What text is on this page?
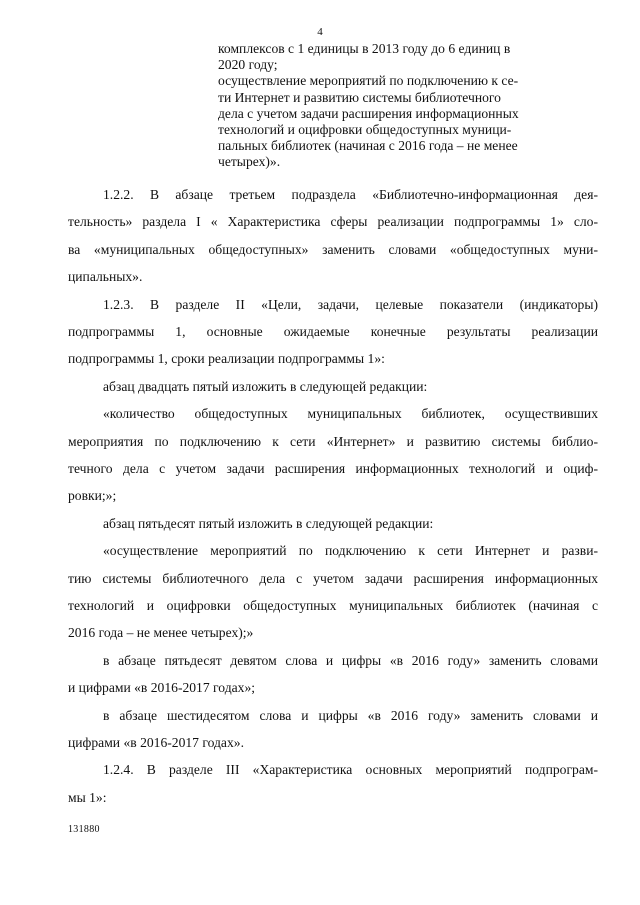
4
комплексов с 1 единицы в 2013 году до 6 единиц в
2020 году;
осуществление мероприятий по подключению к се-
ти Интернет и развитию системы библиотечного
дела с учетом задачи расширения информационных
технологий и оцифровки общедоступных муници-
пальных библиотек (начиная с 2016 года – не менее
четырех)».
1.2.2. В абзаце третьем подраздела «Библиотечно-информационная дея-
тельность» раздела I « Характеристика сферы реализации подпрограммы 1» сло-
ва «муниципальных общедоступных» заменить словами «общедоступных муни-
ципальных».
1.2.3. В разделе II «Цели, задачи, целевые показатели (индикаторы)
подпрограммы 1, основные ожидаемые конечные результаты реализации
подпрограммы 1, сроки реализации подпрограммы 1»:
абзац двадцать пятый изложить в следующей редакции:
«количество общедоступных муниципальных библиотек, осуществивших
мероприятия по подключению к сети «Интернет» и развитию системы библио-
течного дела с учетом задачи расширения информационных технологий и оциф-
ровки;»;
абзац пятьдесят пятый изложить в следующей редакции:
«осуществление мероприятий по подключению к сети Интернет и разви-
тию системы библиотечного дела с учетом задачи расширения информационных
технологий и оцифровки общедоступных муниципальных библиотек (начиная с
2016 года – не менее четырех);»
в абзаце пятьдесят девятом слова и цифры «в 2016 году» заменить словами
и цифрами «в 2016-2017 годах»;
в абзаце шестидесятом слова и цифры «в 2016 году» заменить словами и
цифрами «в 2016-2017 годах».
1.2.4. В разделе III «Характеристика основных мероприятий подпрограм-
мы 1»:
131880
